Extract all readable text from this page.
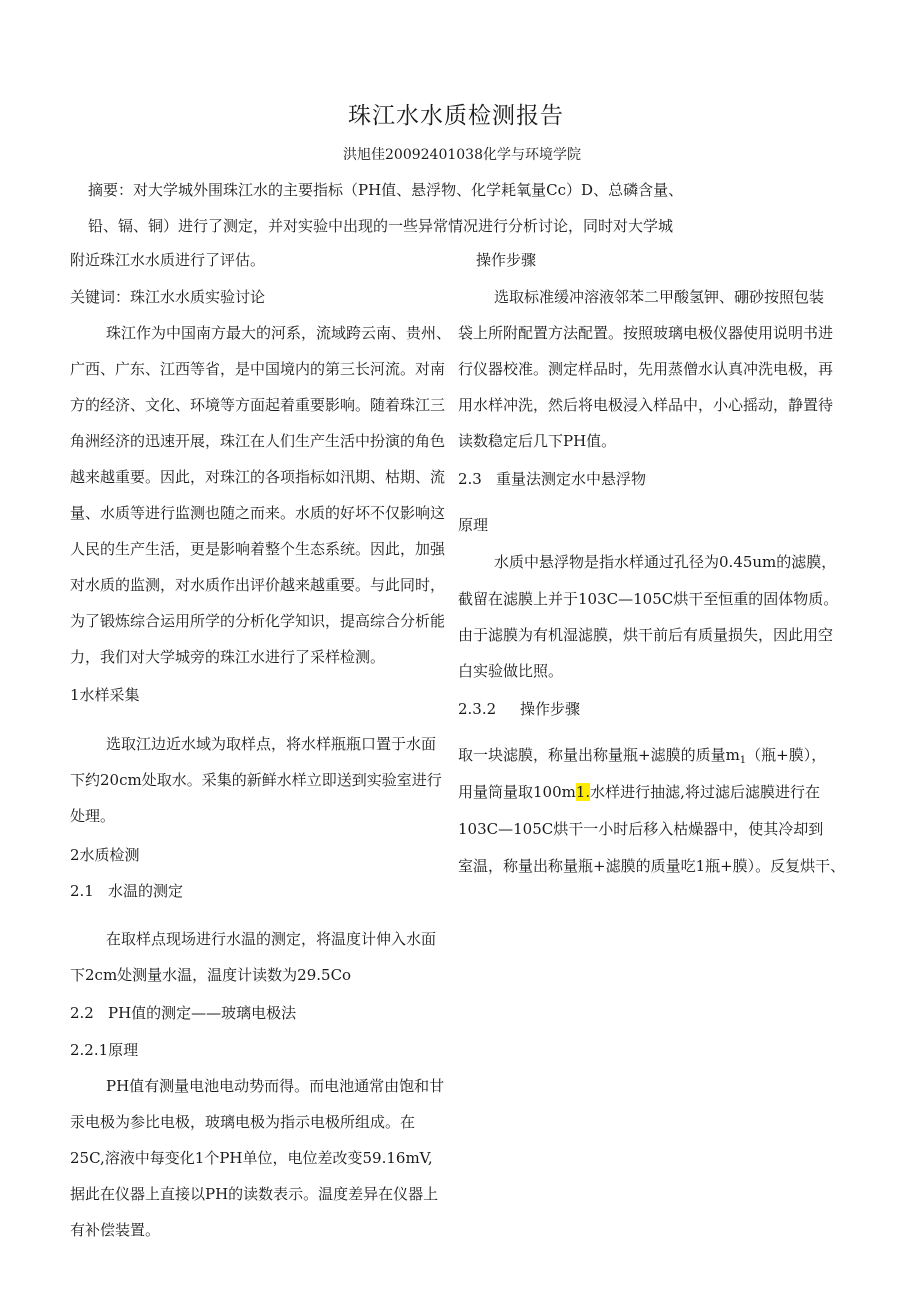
珠江水水质检测报告
洪旭佳20092401038化学与环境学院
摘要：对大学城外围珠江水的主要指标（PH值、悬浮物、化学耗氧量Cc）D、总磷含量、
铅、镉、铜）进行了测定，并对实验中出现的一些异常情况进行分析讨论，同时对大学城
附近珠江水水质进行了评估。	操作步骤
关键词：珠江水水质实验讨论
珠江作为中国南方最大的河系，流域跨云南、贵州、
广西、广东、江西等省，是中国境内的第三长河流。对南
方的经济、文化、环境等方面起着重要影响。随着珠江三
角洲经济的迅速开展，珠江在人们生产生活中扮演的角色
越来越重要。因此，对珠江的各项指标如汛期、枯期、流
量、水质等进行监测也随之而来。水质的好坏不仅影响这
人民的生产生活，更是影响着整个生态系统。因此，加强
对水质的监测，对水质作出评价越来越重要。与此同时，
为了锻炼综合运用所学的分析化学知识，提高综合分析能
力，我们对大学城旁的珠江水进行了采样检测。
1水样采集
选取江边近水域为取样点，将水样瓶瓶口置于水面
下约20cm处取水。采集的新鲜水样立即送到实验室进行
处理。
2水质检测
2.1 水温的测定
在取样点现场进行水温的测定，将温度计伸入水面
下2cm处测量水温，温度计读数为29.5Co
2.2 PH值的测定——玻璃电极法
2.2.1原理
PH值有测量电池电动势而得。而电池通常由饱和甘
汞电极为参比电极，玻璃电极为指示电极所组成。在
25C,溶液中每变化1个PH单位，电位差改变59.16mV,
据此在仪器上直接以PH的读数表示。温度差异在仪器上
有补偿装置。
选取标准缓冲溶液邻苯二甲酸氢钾、硼砂按照包装
袋上所附配置方法配置。按照玻璃电极仪器使用说明书进
行仪器校准。测定样品时，先用蒸僧水认真冲洗电极，再
用水样冲洗，然后将电极浸入样品中，小心摇动，静置待
读数稳定后几下PH值。
2.3 重量法测定水中悬浮物
原理
水质中悬浮物是指水样通过孔径为0.45um的滤膜，
截留在滤膜上并于103C—105C烘干至恒重的固体物质。
由于滤膜为有机湿滤膜，烘干前后有质量损失，因此用空
白实验做比照。
2.3.2 操作步骤
取一块滤膜，称量出称量瓶+滤膜的质量$m_1$（瓶+膜），
用量筒量取100m1.水样进行抽滤,将过滤后滤膜进行在
103C—105C烘干一小时后移入枯燥器中，使其冷却到
室温，称量出称量瓶+滤膜的质量吃1瓶+膜）。反复烘干、
